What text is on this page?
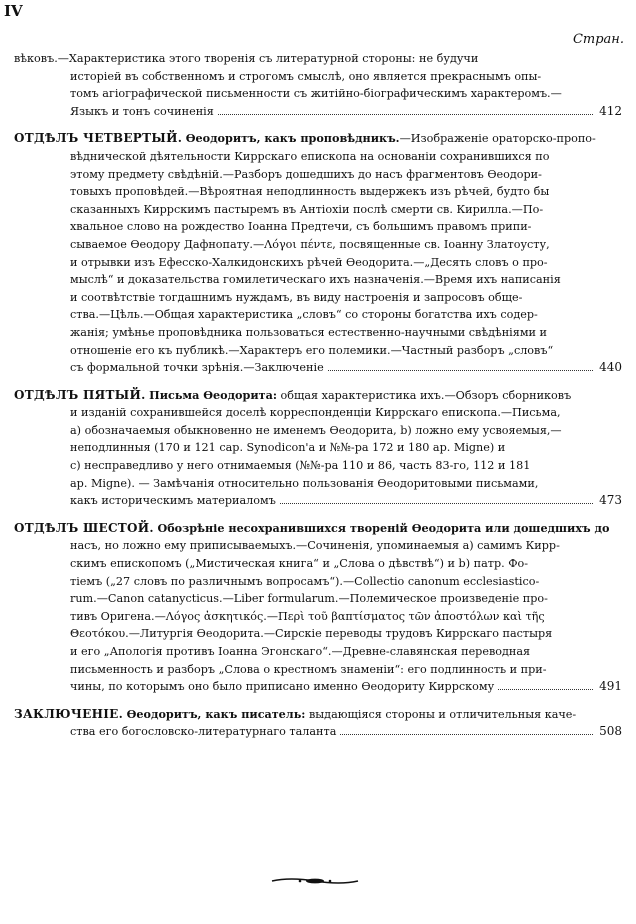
IV
Стран.
вѣковъ.—Характеристика этого творенія съ литературной стороны: не будучи
исторіей въ собственномъ и строгомъ смыслѣ, оно является прекраснымъ опы-
томъ агіографической письменности съ житійно-біографическимъ характеромъ.—
Языкъ и тонъ сочиненія	412
ОТДѢЛЪ ЧЕТВЕРТЫЙ. Ѳеодоритъ, какъ проповѣдникъ.—Изображеніе ораторско-пропо-
вѣднической дѣятельности Киррскаго епископа на основаніи сохранившихся по
этому предмету свѣдѣній.—Разборъ дошедшихъ до насъ фрагментовъ Ѳеодори-
товыхъ проповѣдей.—Вѣроятная неподлинность выдержекъ изъ рѣчей, будто бы
сказанныхъ Киррскимъ пастыремъ въ Антіохіи послѣ смерти св. Кирилла.—По-
хвальное слово на рождество Іоанна Предтечи, съ большимъ правомъ припи-
сываемое Ѳеодору Дафнопату.—Λόγοι πέντε, посвященные св. Іоанну Златоусту,
и отрывки изъ Ефесско-Халкидонскихъ рѣчей Ѳеодорита.—„Десять словъ о про-
мыслѣ“ и доказательства гомилетическаго ихъ назначенія.—Время ихъ написанія
и соотвѣтствіе тогдашнимъ нуждамъ, въ виду настроенія и запросовъ обще-
ства.—Цѣль.—Общая характеристика „словъ“ со стороны богатства ихъ содер-
жанія; умѣнье проповѣдника пользоваться естественно-научными свѣдѣніями и
отношеніе его къ публикѣ.—Характеръ его полемики.—Частный разборъ „словъ“
съ формальной точки зрѣнія.—Заключеніе	440
ОТДѢЛЪ ПЯТЫЙ. Письма Ѳеодорита: общая характеристика ихъ.—Обзоръ сборниковъ
и изданій сохранившейся доселѣ корреспонденціи Киррскаго епископа.—Письма,
а) обозначаемыя обыкновенно не именемъ Ѳеодорита, b) ложно ему усвояемыя,—
неподлинныя (170 и 121 cap. Synodicon'a и №№-ра 172 и 180 ар. Migne) и
с) несправедливо у него отнимаемыя (№№-ра 110 и 86, часть 83-го, 112 и 181
ар. Migne). — Замѣчанія относительно пользованія Ѳеодоритовыми письмами,
какъ историческимъ материаломъ	473
ОТДѢЛЪ ШЕСТОЙ. Обозрѣніе несохранившихся твореній Ѳеодорита или дошедшихъ до
насъ, но ложно ему приписываемыхъ.—Сочиненія, упоминаемыя а) самимъ Кирр-
скимъ епископомъ („Мистическая книга“ и „Слова о дѣвствѣ“) и b) патр. Фо-
тіемъ („27 словъ по различнымъ вопросамъ“).—Collectio canonum ecclesiastico-
rum.—Canon catanycticus.—Liber formularum.—Полемическое произведеніе про-
тивъ Оригена.—Λόγος ἀσκητικός.—Περὶ τοῦ βαπτίσματος τῶν ἀποστόλων καὶ τῆς
Θεοτόκου.—Литургія Ѳеодорита.—Сирскіе переводы трудовъ Киррскаго пастыря
и его „Апологія противъ Іоанна Эгонскаго“.—Древне-славянская переводная
письменность и разборъ „Слова о крестномъ знаменіи“: его подлинность и при-
чины, по которымъ оно было приписано именно Ѳеодориту Киррскому	491
ЗАКЛЮЧЕНІЕ. Ѳеодоритъ, какъ писатель: выдающіяся стороны и отличительныя каче-
ства его богословско-литературнаго таланта	508
